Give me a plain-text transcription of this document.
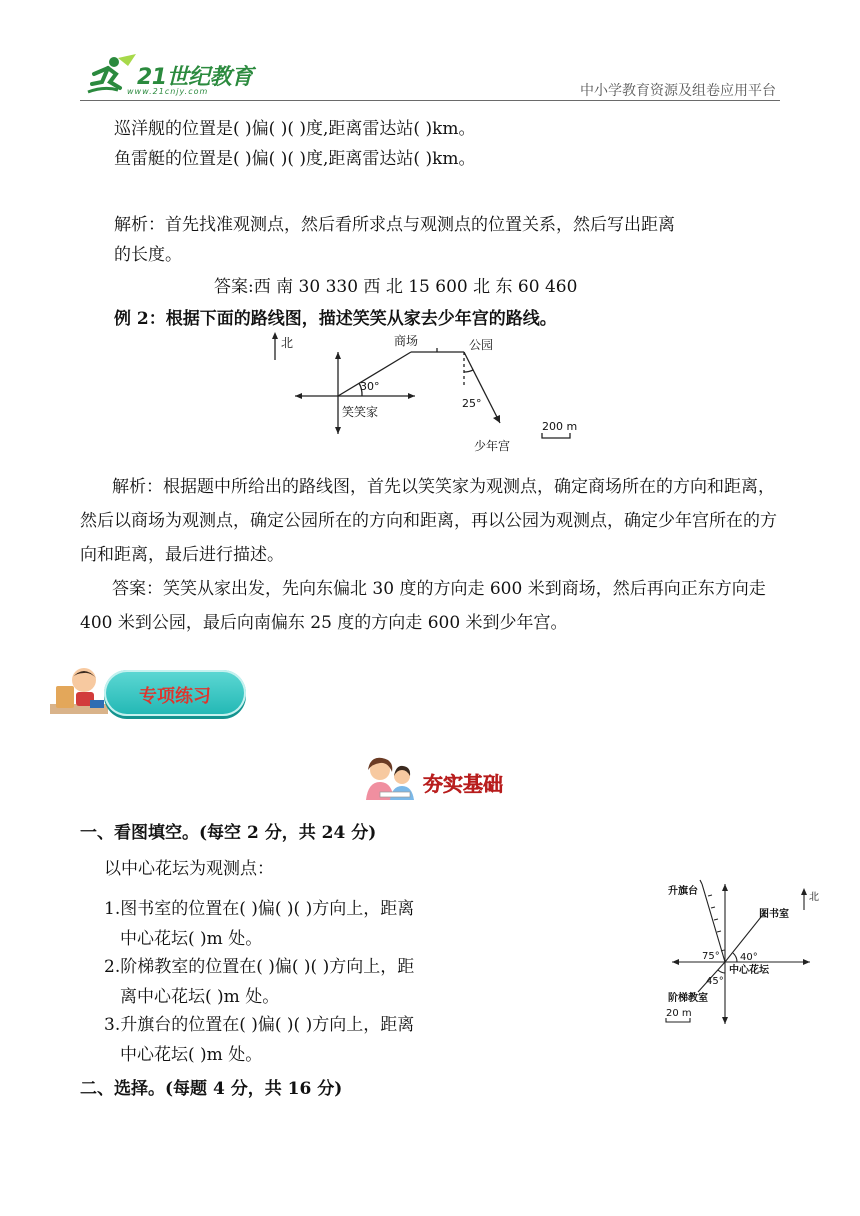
21世纪教育
www.21cnjy.com	中小学教育资源及组卷应用平台
巡洋舰的位置是( )偏( )( )度,距离雷达站( )km。
鱼雷艇的位置是( )偏( )( )度,距离雷达站( )km。
解析：首先找准观测点，然后看所求点与观测点的位置关系，然后写出距离
的长度。
答案:西 南 30 330 西 北 15 600 北 东 60 460
例 2：根据下面的路线图，描述笑笑从家去少年宫的路线。
北	商场	公园
笑笑家
少年宫
30°
25°
200 m
解析：根据题中所给出的路线图，首先以笑笑家为观测点，确定商场所在的方向和距离，然后以商场为观测点，确定公园所在的方向和距离，再以公园为观测点，确定少年宫所在的方向和距离，最后进行描述。
答案：笑笑从家出发，先向东偏北 30 度的方向走 600 米到商场，然后再向正东方向走 400 米到公园，最后向南偏东 25 度的方向走 600 米到少年宫。
专项练习
夯实基础
一、看图填空。(每空 2 分，共 24 分)
以中心花坛为观测点：
1.图书室的位置在( )偏( )( )方向上，距离
中心花坛( )m 处。
2.阶梯教室的位置在( )偏( )( )方向上，距
离中心花坛( )m 处。
3.升旗台的位置在( )偏( )( )方向上，距离
中心花坛( )m 处。
升旗台
北
图书室
中心花坛
阶梯教室
75° 40°
45°
20 m
二、选择。(每题 4 分，共 16 分)
